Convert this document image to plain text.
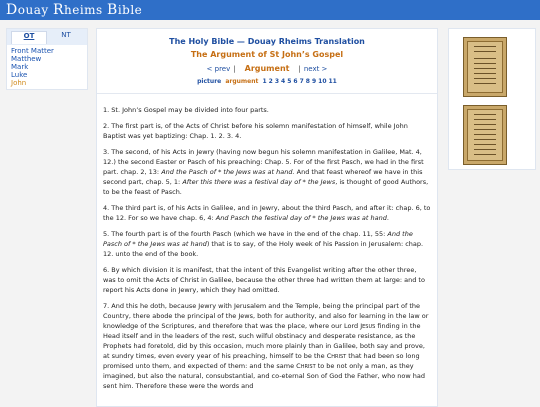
Douay Rheims Bible
OT	NT
Front Matter
Matthew
Mark
Luke
John
The Holy Bible — Douay Rheims Translation
The Argument of St John’s Gospel
< prev | Argument | next >
picture argument 1 2 3 4 5 6 7 8 9 10 11

1. St. John’s Gospel may be divided into four parts.

2. The first part is, of the Acts of Christ before his solemn manifestation of himself, while John Baptist was yet baptizing: Chap. 1. 2. 3. 4.

3. The second, of his Acts in Jewry (having now begun his solemn manifestation in Galilee, Mat. 4, 12.) the second Easter or Pasch of his preaching: Chap. 5. For of the first Pasch, we had in the first part. chap. 2, 13: And the Pasch of * the Jews was at hand. And that feast whereof we have in this second part, chap. 5, 1: After this there was a festival day of * the Jews, is thought of good Authors, to be the feast of Pasch.

4. The third part is, of his Acts in Galilee, and in Jewry, about the third Pasch, and after it: chap. 6, to the 12. For so we have chap. 6, 4: And Pasch the festival day of * the Jews was at hand.

5. The fourth part is of the fourth Pasch (which we have in the end of the chap. 11, 55: And the Pasch of * the Jews was at hand) that is to say, of the Holy week of his Passion in Jerusalem: chap. 12. unto the end of the book.

6. By which division it is manifest, that the intent of this Evangelist writing after the other three, was to omit the Acts of Christ in Galilee, because the other three had written them at large: and to report his Acts done in Jewry, which they had omitted.

7. And this he doth, because Jewry with Jerusalem and the Temple, being the principal part of the Country, there abode the principal of the Jews, both for authority, and also for learning in the law or knowledge of the Scriptures, and therefore that was the place, where our Lord Jesus finding in the Head itself and in the leaders of the rest, such wilful obstinacy and desperate resistance, as the Prophets had foretold, did by this occasion, much more plainly than in Galilee, both say and prove, at sundry times, even every year of his preaching, himself to be the Christ that had been so long promised unto them, and expected of them: and the same Christ to be not only a man, as they imagined, but also the natural, consubstantial, and co-eternal Son of God the Father, who now had sent him. Therefore these were the words and
